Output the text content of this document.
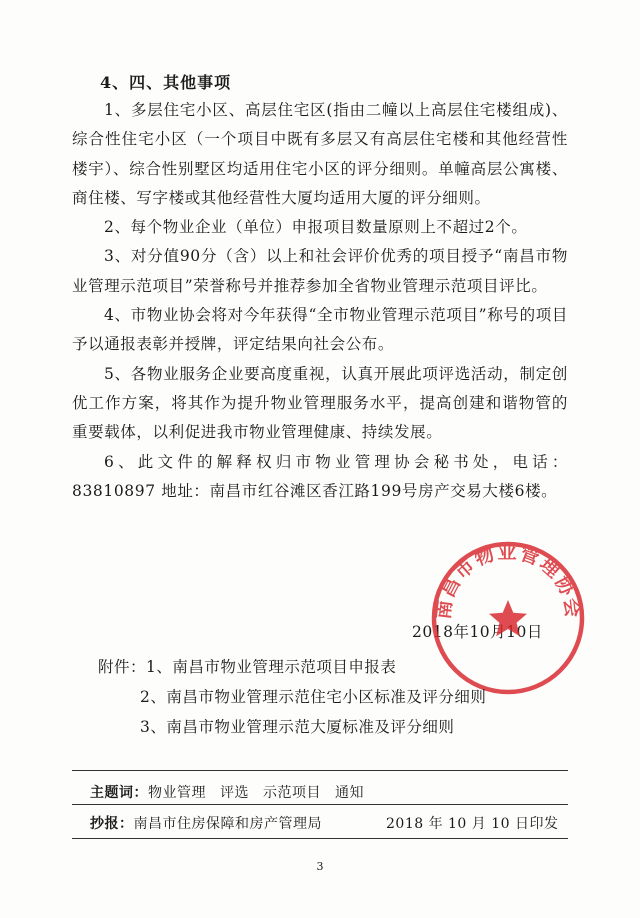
4、四、其他事项

1、多层住宅小区、高层住宅区(指由二幢以上高层住宅楼组成)、综合性住宅小区（一个项目中既有多层又有高层住宅楼和其他经营性楼宇）、综合性别墅区均适用住宅小区的评分细则。单幢高层公寓楼、商住楼、写字楼或其他经营性大厦均适用大厦的评分细则。

2、每个物业企业（单位）申报项目数量原则上不超过2个。

3、对分值90分（含）以上和社会评价优秀的项目授予“南昌市物业管理示范项目”荣誉称号并推荐参加全省物业管理示范项目评比。

4、市物业协会将对今年获得“全市物业管理示范项目”称号的项目予以通报表彰并授牌，评定结果向社会公布。

5、各物业服务企业要高度重视，认真开展此项评选活动，制定创优工作方案，将其作为提升物业管理服务水平，提高创建和谐物管的重要载体，以利促进我市物业管理健康、持续发展。

6、此文件的解释权归市物业管理协会秘书处，电话：83810897 地址：南昌市红谷滩区香江路199号房产交易大楼6楼。

2018年10月10日
南昌市物业管理协会
附件：1、南昌市物业管理示范项目申报表
2、南昌市物业管理示范住宅小区标准及评分细则
3、南昌市物业管理示范大厦标准及评分细则
主题词：物业管理 评选 示范项目 通知
抄报：南昌市住房保障和房产管理局	2018 年 10 月 10 日印发
3
